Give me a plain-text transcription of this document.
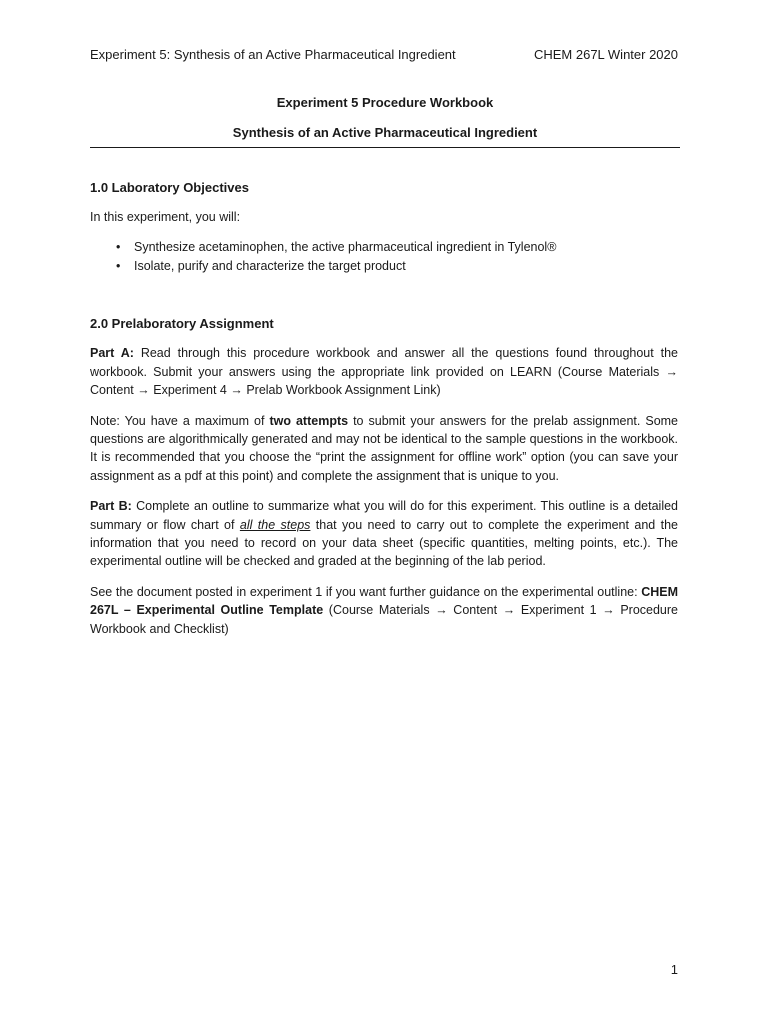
Experiment 5: Synthesis of an Active Pharmaceutical Ingredient	CHEM 267L Winter 2020
Experiment 5 Procedure Workbook
Synthesis of an Active Pharmaceutical Ingredient
1.0 Laboratory Objectives

In this experiment, you will:

• Synthesize acetaminophen, the active pharmaceutical ingredient in Tylenol®
• Isolate, purify and characterize the target product
2.0 Prelaboratory Assignment

Part A: Read through this procedure workbook and answer all the questions found throughout the workbook. Submit your answers using the appropriate link provided on LEARN (Course Materials → Content → Experiment 4 → Prelab Workbook Assignment Link)

Note: You have a maximum of two attempts to submit your answers for the prelab assignment. Some questions are algorithmically generated and may not be identical to the sample questions in the workbook. It is recommended that you choose the “print the assignment for offline work” option (you can save your assignment as a pdf at this point) and complete the assignment that is unique to you.

Part B: Complete an outline to summarize what you will do for this experiment. This outline is a detailed summary or flow chart of all the steps that you need to carry out to complete the experiment and the information that you need to record on your data sheet (specific quantities, melting points, etc.). The experimental outline will be checked and graded at the beginning of the lab period.

See the document posted in experiment 1 if you want further guidance on the experimental outline: CHEM 267L – Experimental Outline Template (Course Materials → Content → Experiment 1 → Procedure Workbook and Checklist)

1
